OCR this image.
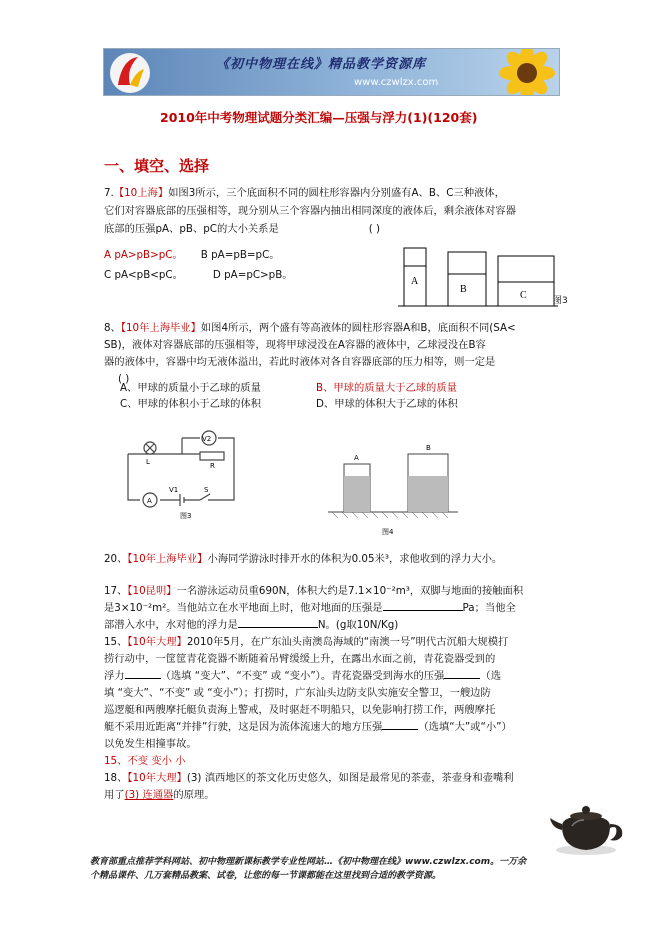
《初中物理在线》精品教学资源库
www.czwlzx.com
2010年中考物理试题分类汇编—压强与浮力(1)(120套)
一、填空、选择
7.【10上海】如图3所示，三个底面积不同的圆柱形容器内分别盛有A、B、C三种液体，
它们对容器底部的压强相等，现分别从三个容器内抽出相同深度的液体后，剩余液体对容器
底部的压强pA、pB、pC的大小关系是	( )
A pA>pB>pC。 B pA=pB=pC。
C pA<pB<pC。	D pA=pC>pB。
A
B
C	图3
8、【10年上海毕业】如图4所示，两个盛有等高液体的圆柱形容器A和B，底面积不同(SA<
SB)，液体对容器底部的压强相等，现将甲球浸没在A容器的液体中，乙球浸没在B容
器的液体中，容器中均无液体溢出，若此时液体对各自容器底部的压力相等，则一定是
( )
A、甲球的质量小于乙球的质量	B、甲球的质量大于乙球的质量
C、甲球的体积小于乙球的体积	D、甲球的体积大于乙球的体积
V2
L	R
A
V1	S
图3
A
B
图4
20、【10年上海毕业】小海同学游泳时排开水的体积为0.05米³，求他收到的浮力大小。
17、【10昆明】一名游泳运动员重690N，体积大约是7.1×10⁻²m³，双脚与地面的接触面积
是3×10⁻²m²。当他站立在水平地面上时，他对地面的压强是	Pa；当他全
部潜入水中，水对他的浮力是	N。(g取10N/Kg)
15、【10年大理】2010年5月，在广东汕头南澳岛海域的“南澳一号”明代古沉船大规模打
捞行动中，一筐筐青花瓷器不断随着吊臂缓缓上升，在露出水面之前，青花瓷器受到的
浮力	（选填 “变大”、“不变” 或 “变小”）。青花瓷器受到海水的压强	（选
填 “变大”、“不变” 或 “变小”）；打捞时，广东汕头边防支队实施安全警卫，一艘边防
巡逻艇和两艘摩托艇负责海上警戒，及时驱赶不明船只，以免影响打捞工作，两艘摩托
艇不采用近距离“并排”行驶，这是因为流体流速大的地方压强	（选填“大”或“小”）
以免发生相撞事故。
15、不变 变小 小
18、【10年大理】(3) 滇西地区的茶文化历史悠久，如图是最常见的茶壶，茶壶身和壶嘴利
用了(3) 连通器的原理。
教育部重点推荐学科网站、初中物理新课标教学专业性网站…《初中物理在线》www.czwlzx.com。一万余
个精品课件、几万套精品教案、试卷，让您的每一节课都能在这里找到合适的教学资源。
